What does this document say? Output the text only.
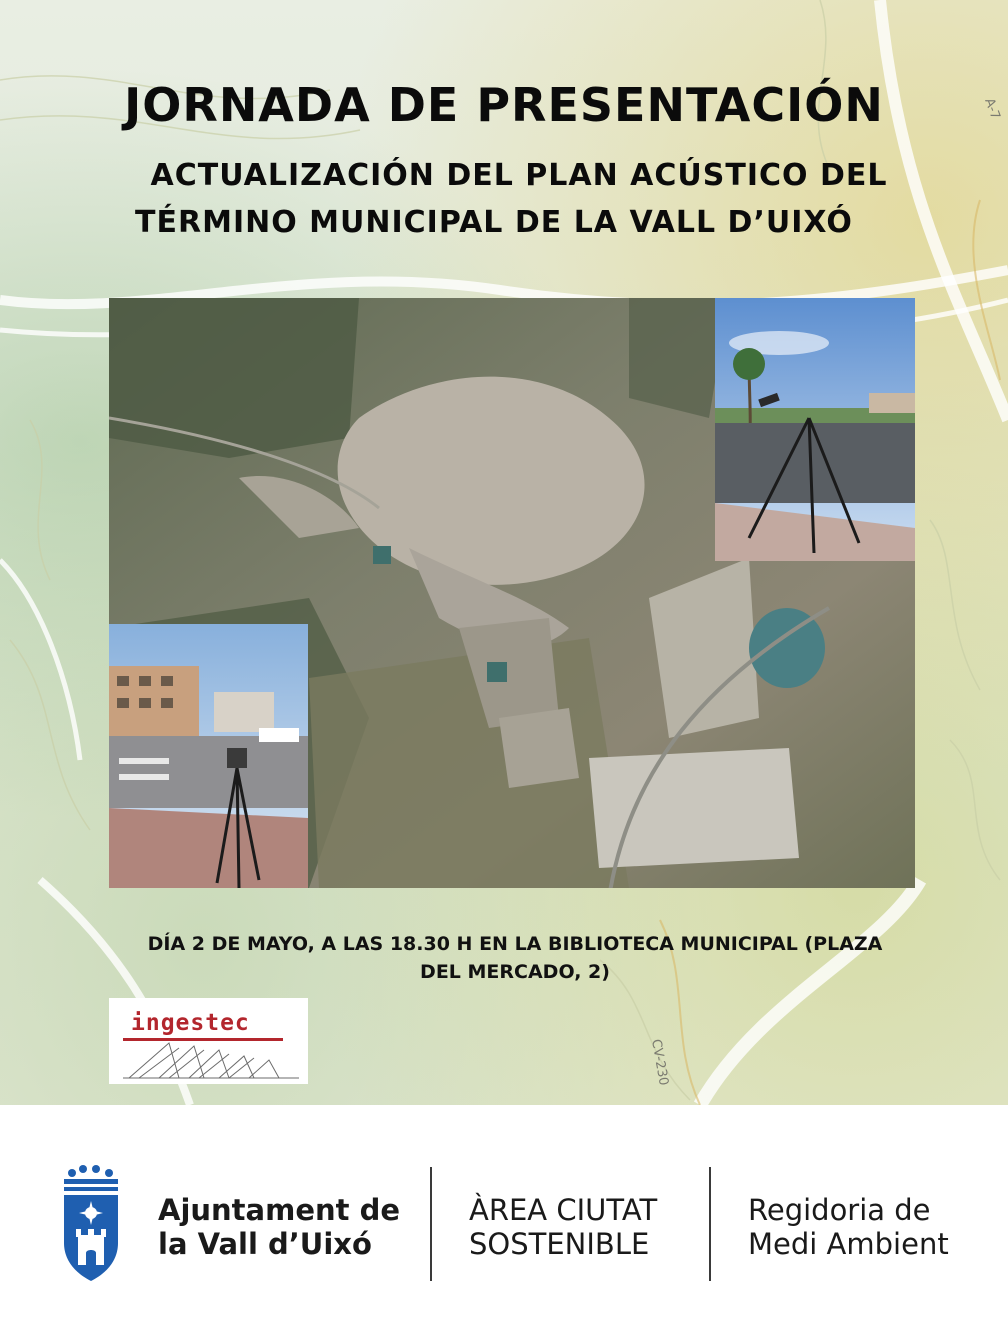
A-7
CV-230
JORNADA DE PRESENTACIÓN
ACTUALIZACIÓN DEL PLAN ACÚSTICO DEL
TÉRMINO MUNICIPAL DE LA VALL D’UIXÓ
DÍA 2 DE MAYO, A LAS 18.30 H EN LA BIBLIOTECA MUNICIPAL (PLAZA
DEL MERCADO, 2)
ingestec
Ajuntament de
la Vall d’Uixó
ÀREA CIUTAT
SOSTENIBLE
Regidoria de
Medi Ambient
